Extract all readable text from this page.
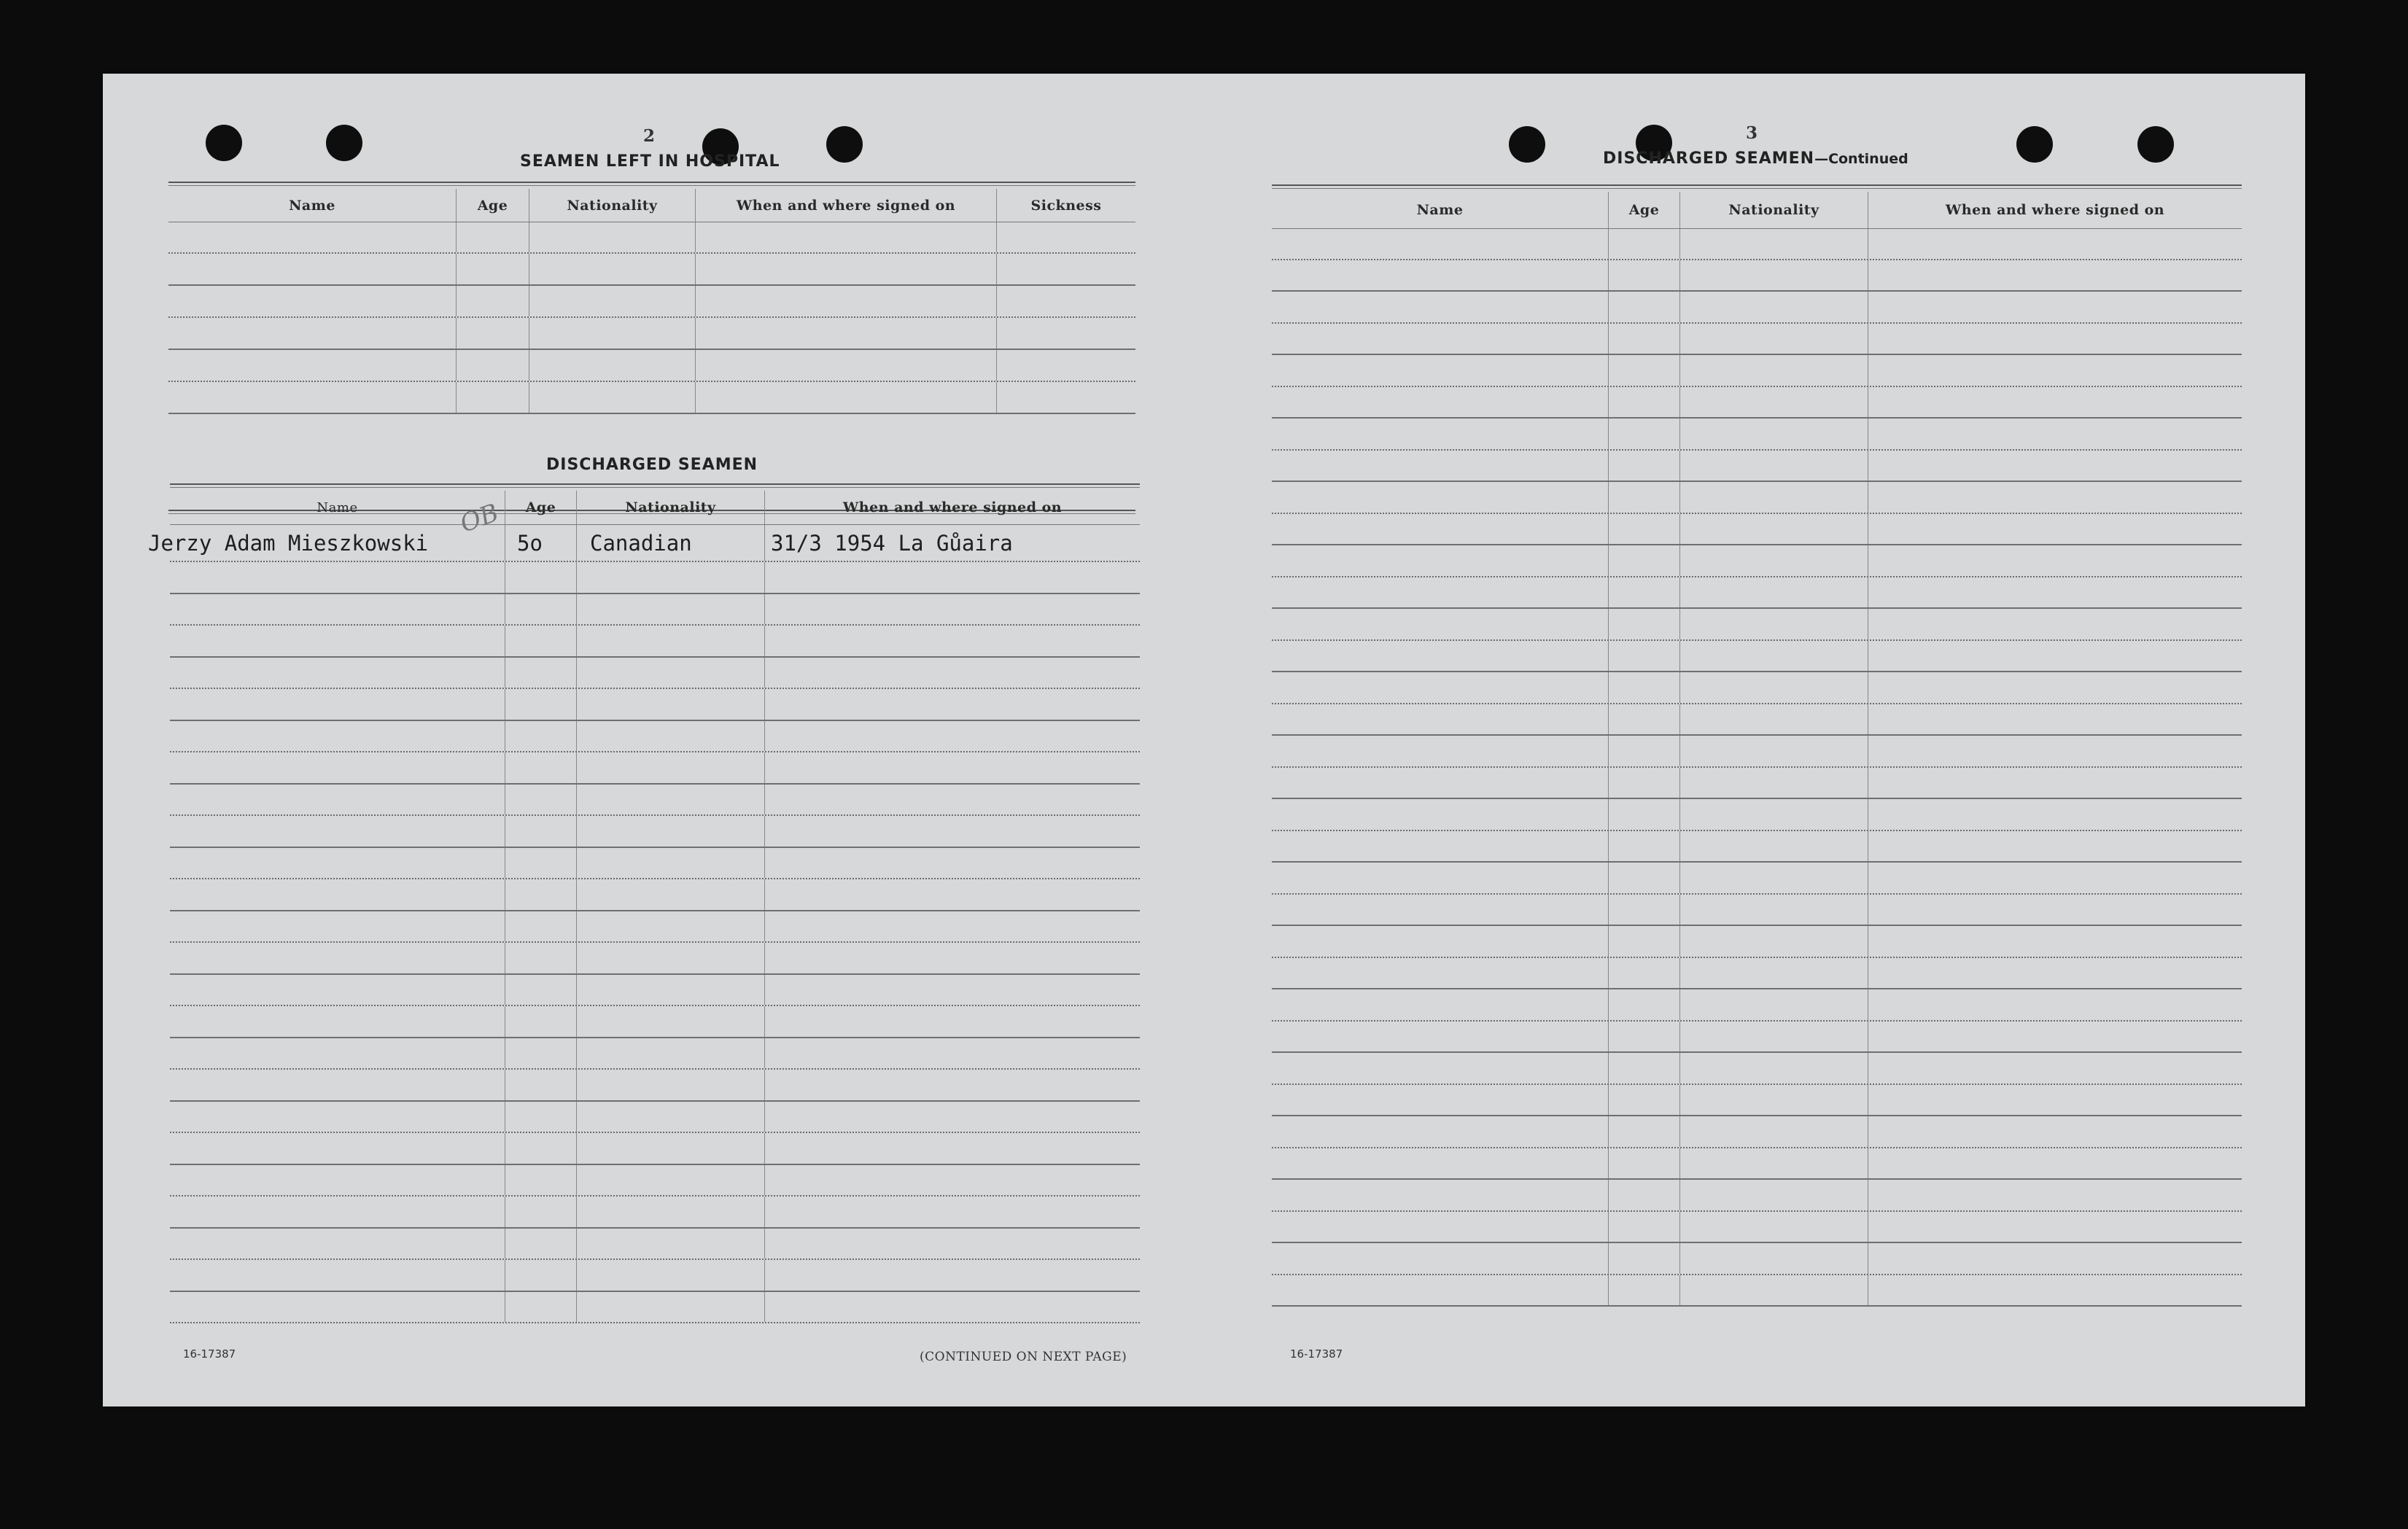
2
SEAMEN LEFT IN HOSPITAL
Name	Age	Nationality	When and where signed on	Sickness
DISCHARGED SEAMEN
Name	Age	Nationality	When and where signed on
Jerzy Adam Mieszkowski	5o	Canadian	31/3 1954 La Gůaira
OB
16-17387	(CONTINUED ON NEXT PAGE)
3
DISCHARGED SEAMEN—Continued
Name	Age	Nationality	When and where signed on
16-17387
